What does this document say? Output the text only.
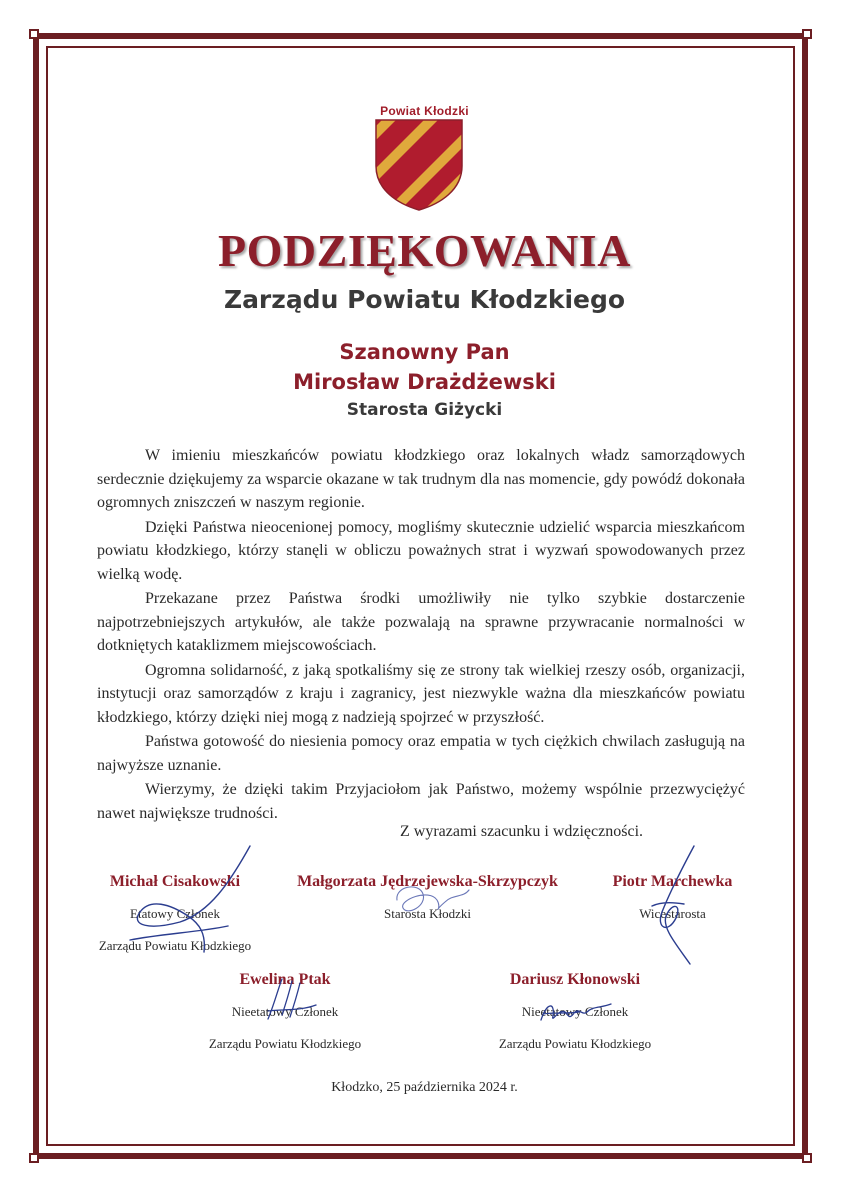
Powiat Kłodzki
PODZIĘKOWANIA
Zarządu Powiatu Kłodzkiego
Szanowny Pan
Mirosław Drażdżewski
Starosta Giżycki

W imieniu mieszkańców powiatu kłodzkiego oraz lokalnych władz samorządowych serdecznie dziękujemy za wsparcie okazane w tak trudnym dla nas momencie, gdy powódź dokonała ogromnych zniszczeń w naszym regionie.

Dzięki Państwa nieocenionej pomocy, mogliśmy skutecznie udzielić wsparcia mieszkańcom powiatu kłodzkiego, którzy stanęli w obliczu poważnych strat i wyzwań spowodowanych przez wielką wodę.

Przekazane przez Państwa środki umożliwiły nie tylko szybkie dostarczenie najpotrzebniejszych artykułów, ale także pozwalają na sprawne przywracanie normalności w dotkniętych kataklizmem miejscowościach.

Ogromna solidarność, z jaką spotkaliśmy się ze strony tak wielkiej rzeszy osób, organizacji, instytucji oraz samorządów z kraju i zagranicy, jest niezwykle ważna dla mieszkańców powiatu kłodzkiego, którzy dzięki niej mogą z nadzieją spojrzeć w przyszłość.

Państwa gotowość do niesienia pomocy oraz empatia w tych ciężkich chwilach zasługują na najwyższe uznanie.

Wierzymy, że dzięki takim Przyjaciołom jak Państwo, możemy wspólnie przezwyciężyć nawet największe trudności.

Z wyrazami szacunku i wdzięczności.
Michał Cisakowski
Etatowy Członek
Zarządu Powiatu Kłodzkiego
Małgorzata Jędrzejewska-Skrzypczyk
Starosta Kłodzki
Piotr Marchewka
Wicestarosta
Ewelina Ptak
Nieetatowy Członek
Zarządu Powiatu Kłodzkiego
Dariusz Kłonowski
Nieetatowy Członek
Zarządu Powiatu Kłodzkiego
Kłodzko, 25 października 2024 r.
